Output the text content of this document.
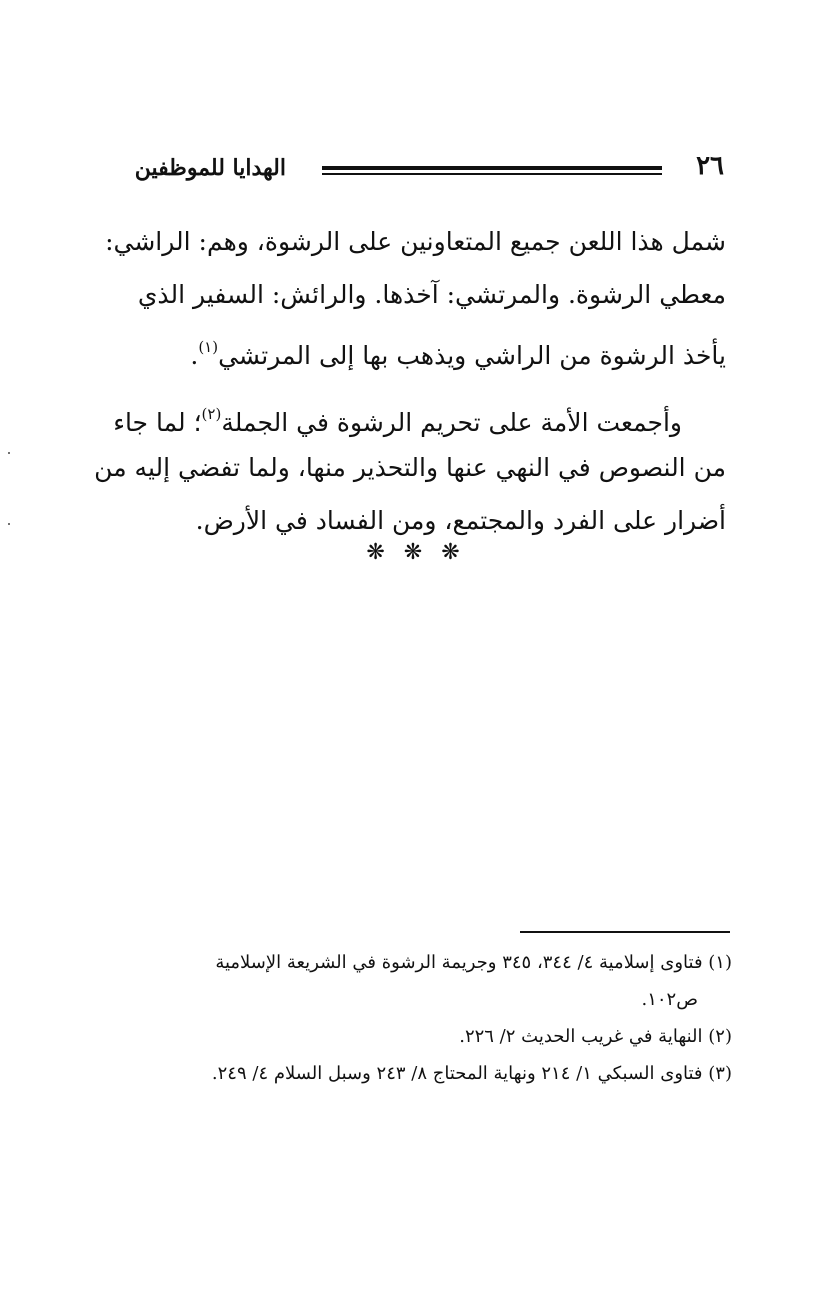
٢٦
الهدايا للموظفين
شمل هذا اللعن جميع المتعاونين على الرشوة، وهم: الراشي:
معطي الرشوة. والمرتشي: آخذها. والرائش: السفير الذي
يأخذ الرشوة من الراشي ويذهب بها إلى المرتشي$^{(١)}$.
وأجمعت الأمة على تحريم الرشوة في الجملة$^{(٢)}$؛ لما جاء
من النصوص في النهي عنها والتحذير منها، ولما تفضي إليه من
أضرار على الفرد والمجتمع، ومن الفساد في الأرض.
❋ ❋ ❋
(١) فتاوى إسلامية ٤/ ٣٤٤، ٣٤٥ وجريمة الرشوة في الشريعة الإسلامية
ص١٠٢.
(٢) النهاية في غريب الحديث ٢/ ٢٢٦.
(٣) فتاوى السبكي ١/ ٢١٤ ونهاية المحتاج ٨/ ٢٤٣ وسبل السلام ٤/ ٢٤٩.
